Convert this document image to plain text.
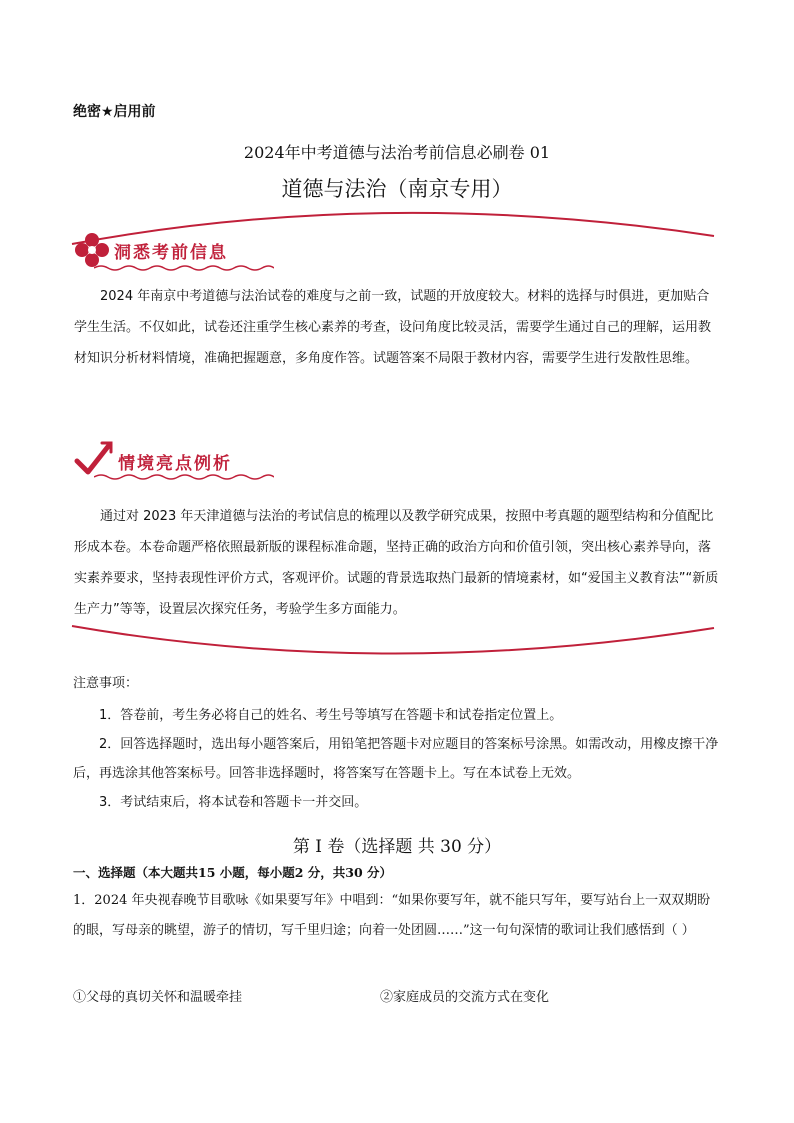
绝密★启用前
2024年中考道德与法治考前信息必刷卷 01
道德与法治（南京专用）
洞悉考前信息
2024 年南京中考道德与法治试卷的难度与之前一致，试题的开放度较大。材料的选择与时俱进，更加贴合学生生活。不仅如此，试卷还注重学生核心素养的考查，设问角度比较灵活，需要学生通过自己的理解，运用教材知识分析材料情境，准确把握题意，多角度作答。试题答案不局限于教材内容，需要学生进行发散性思维。
情境亮点例析
通过对 2023 年天津道德与法治的考试信息的梳理以及教学研究成果，按照中考真题的题型结构和分值配比形成本卷。本卷命题严格依照最新版的课程标准命题，坚持正确的政治方向和价值引领，突出核心素养导向，落实素养要求，坚持表现性评价方式，客观评价。试题的背景选取热门最新的情境素材，如“爱国主义教育法”“新质生产力”等等，设置层次探究任务，考验学生多方面能力。
注意事项：
1．答卷前，考生务必将自己的姓名、考生号等填写在答题卡和试卷指定位置上。
2．回答选择题时，选出每小题答案后，用铅笔把答题卡对应题目的答案标号涂黑。如需改动，用橡皮擦干净后，再选涂其他答案标号。回答非选择题时，将答案写在答题卡上。写在本试卷上无效。
3．考试结束后，将本试卷和答题卡一并交回。
第 I 卷（选择题 共 30 分）
一、选择题（本大题共15 小题，每小题2 分，共30 分）
1．2024 年央视春晚节目歌咏《如果要写年》中唱到：“如果你要写年，就不能只写年，要写站台上一双双期盼的眼，写母亲的眺望，游子的情切，写千里归途；向着一处团圆……”这一句句深情的歌词让我们感悟到（ ）
①父母的真切关怀和温暖牵挂	②家庭成员的交流方式在变化
